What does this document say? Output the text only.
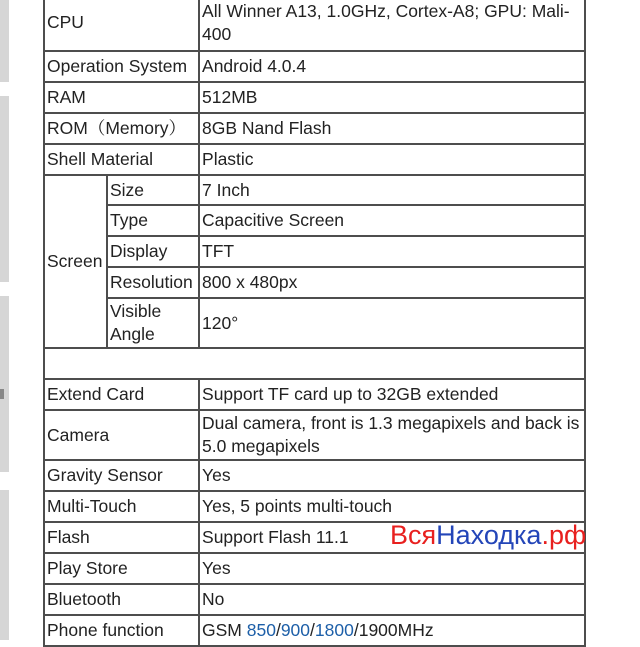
CPU		All Winner A13, 1.0GHz, Cortex-A8; GPU: Mali-400
Operation System		Android 4.0.4
RAM		512MB
ROM（Memory）		8GB Nand Flash
Shell Material		Plastic
Screen	Size	7 Inch
	Type	Capacitive Screen
	Display	TFT
	Resolution	800 x 480px
	Visible Angle	120°

Extend Card		Support TF card up to 32GB extended
Camera		Dual camera, front is 1.3 megapixels and back is 5.0 megapixels
Gravity Sensor		Yes
Multi-Touch		Yes, 5 points multi-touch
Flash		Support Flash 11.1
Play Store		Yes
Bluetooth		No
Phone function		GSM 850/900/1800/1900MHz
ВсяНаходка.рф
